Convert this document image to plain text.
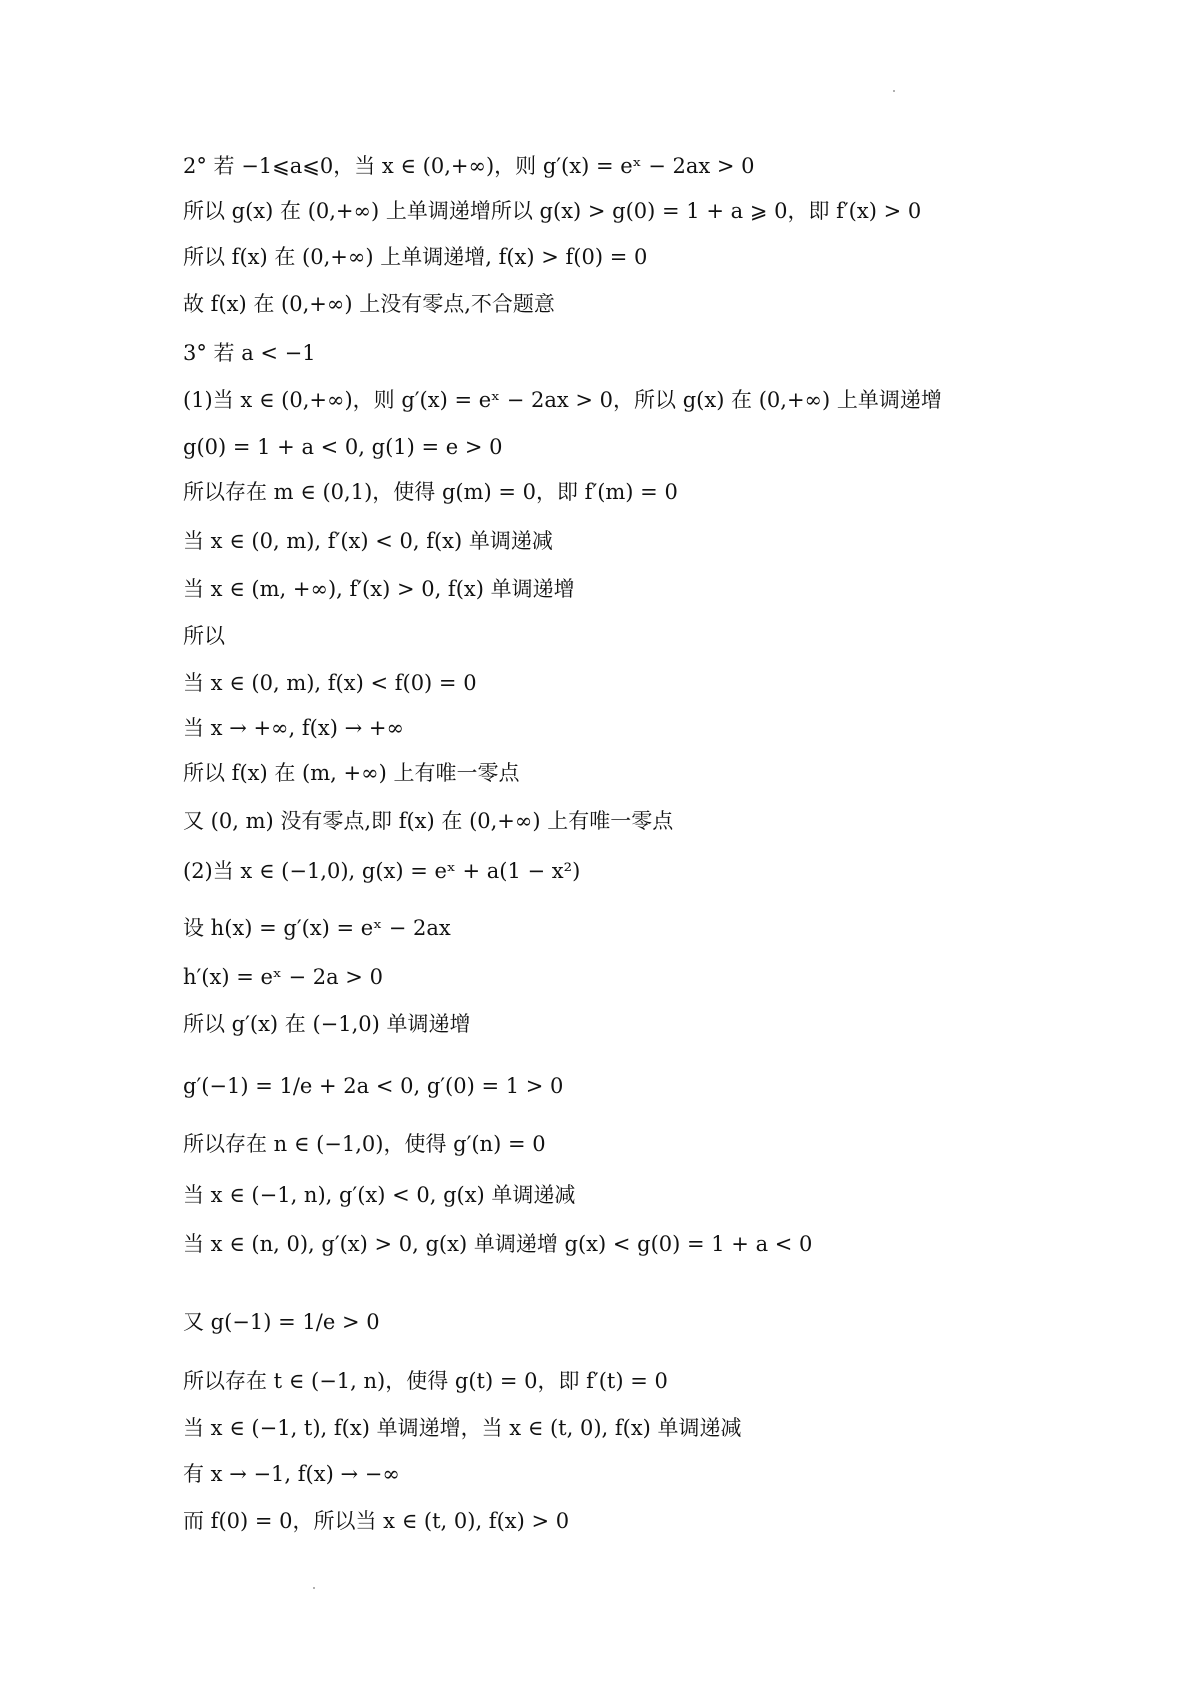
2° 若 −1⩽a⩽0，当 x ∈ (0,+∞)，则 g′(x) = eˣ − 2ax > 0
所以 g(x) 在 (0,+∞) 上单调递增所以 g(x) > g(0) = 1 + a ⩾ 0，即 f′(x) > 0
所以 f(x) 在 (0,+∞) 上单调递增, f(x) > f(0) = 0
故 f(x) 在 (0,+∞) 上没有零点,不合题意
3° 若 a < −1
(1)当 x ∈ (0,+∞)，则 g′(x) = eˣ − 2ax > 0，所以 g(x) 在 (0,+∞) 上单调递增
g(0) = 1 + a < 0, g(1) = e > 0
所以存在 m ∈ (0,1)，使得 g(m) = 0，即 f′(m) = 0
当 x ∈ (0, m), f′(x) < 0, f(x) 单调递减
当 x ∈ (m, +∞), f′(x) > 0, f(x) 单调递增
所以
当 x ∈ (0, m), f(x) < f(0) = 0
当 x → +∞, f(x) → +∞
所以 f(x) 在 (m, +∞) 上有唯一零点
又 (0, m) 没有零点,即 f(x) 在 (0,+∞) 上有唯一零点
(2)当 x ∈ (−1,0), g(x) = eˣ + a(1 − x²)
设 h(x) = g′(x) = eˣ − 2ax
h′(x) = eˣ − 2a > 0
所以 g′(x) 在 (−1,0) 单调递增
g′(−1) = 1/e + 2a < 0, g′(0) = 1 > 0
所以存在 n ∈ (−1,0)，使得 g′(n) = 0
当 x ∈ (−1, n), g′(x) < 0, g(x) 单调递减
当 x ∈ (n, 0), g′(x) > 0, g(x) 单调递增 g(x) < g(0) = 1 + a < 0
又 g(−1) = 1/e > 0
所以存在 t ∈ (−1, n)，使得 g(t) = 0，即 f′(t) = 0
当 x ∈ (−1, t), f(x) 单调递增，当 x ∈ (t, 0), f(x) 单调递减
有 x → −1, f(x) → −∞
而 f(0) = 0，所以当 x ∈ (t, 0), f(x) > 0
